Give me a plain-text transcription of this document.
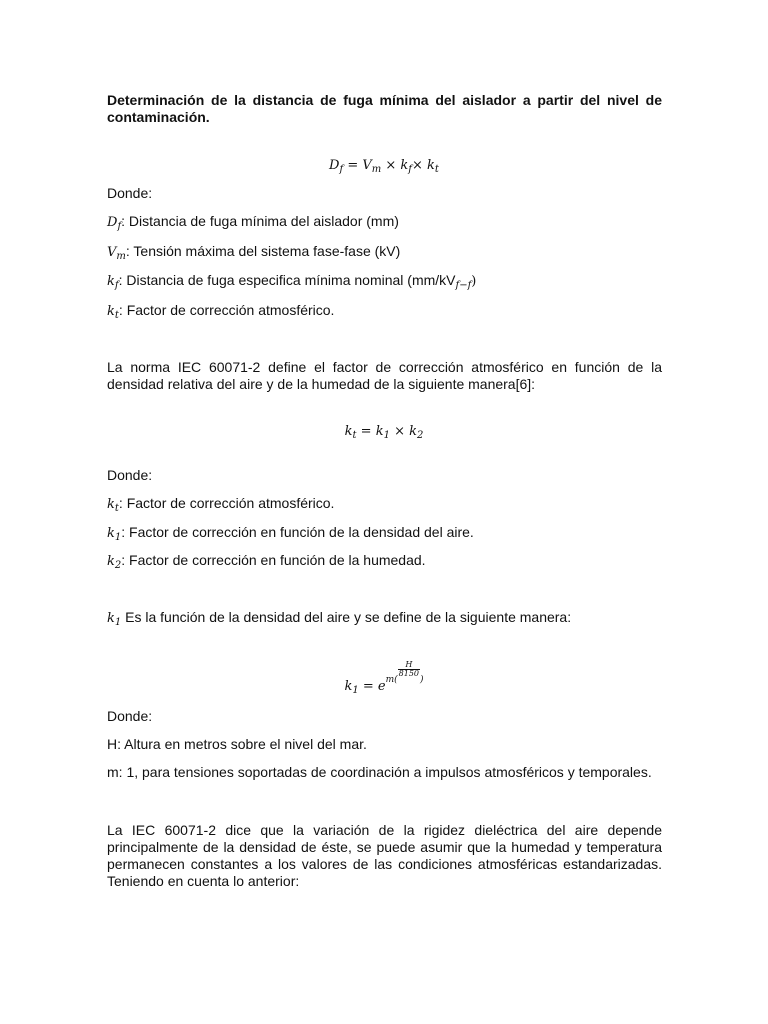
Determinación de la distancia de fuga mínima del aislador a partir del nivel de contaminación.
$D_f = V_m \times k_f\times k_t$
Donde:
$D_f$: Distancia de fuga mínima del aislador (mm)
$V_m$: Tensión máxima del sistema fase-fase (kV)
$k_f$: Distancia de fuga especifica mínima nominal $(mm/kV_{f-f})$
$k_t$: Factor de corrección atmosférico.
La norma IEC 60071-2 define el factor de corrección atmosférico en función de la densidad relativa del aire y de la humedad de la siguiente manera[6]:
$k_t = k_1 \times k_2$
Donde:
$k_t$: Factor de corrección atmosférico.
$k_1$: Factor de corrección en función de la densidad del aire.
$k_2$: Factor de corrección en función de la humedad.
$k_1$ Es la función de la densidad del aire y se define de la siguiente manera:
$k_1 = e^{m( \frac{H}{8150} )}$
Donde:
H: Altura en metros sobre el nivel del mar.
m: 1, para tensiones soportadas de coordinación a impulsos atmosféricos y temporales.
La IEC 60071-2 dice que la variación de la rigidez dieléctrica del aire depende principalmente de la densidad de éste, se puede asumir que la humedad y temperatura permanecen constantes a los valores de las condiciones atmosféricas estandarizadas. Teniendo en cuenta lo anterior:
